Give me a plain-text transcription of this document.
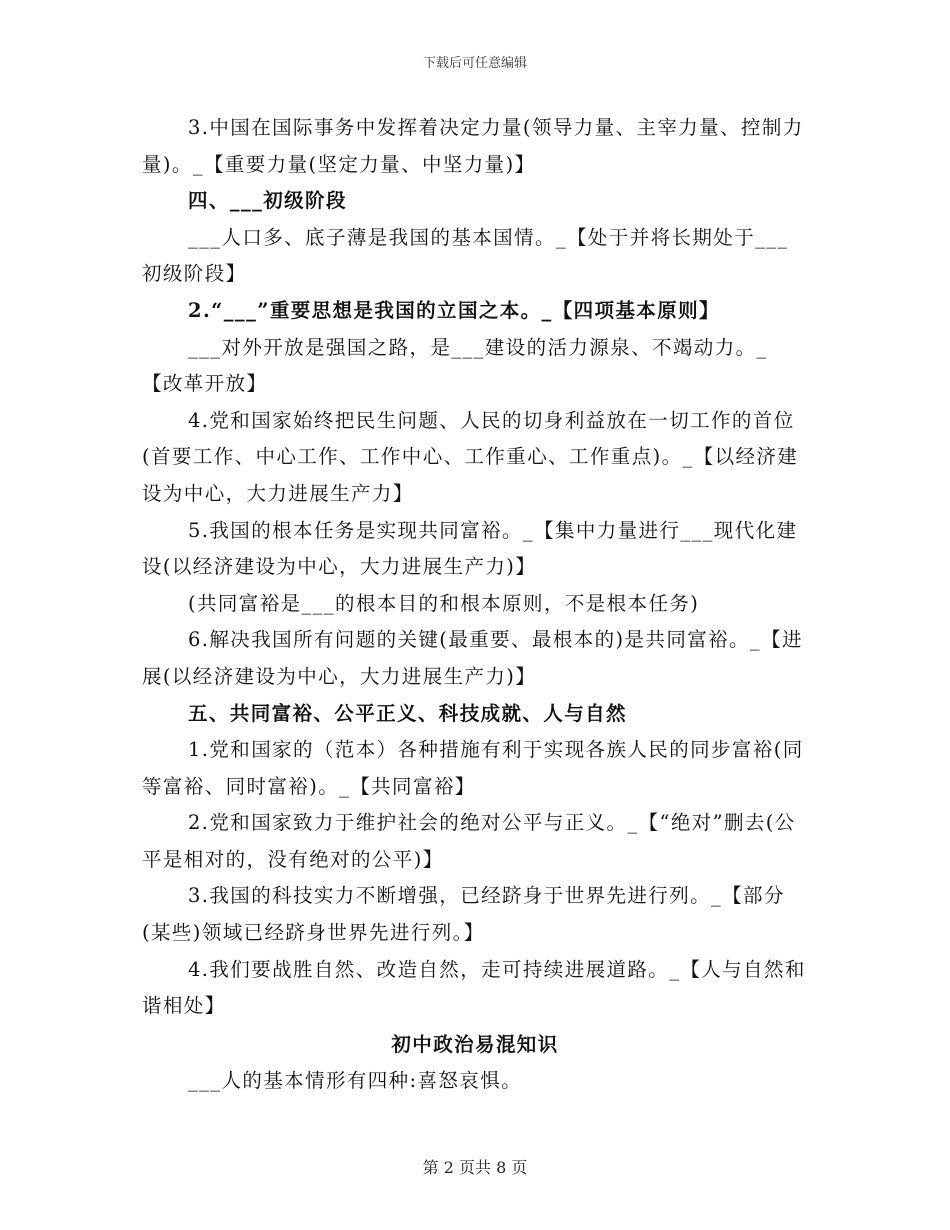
下载后可任意编辑

3.中国在国际事务中发挥着决定力量(领导力量、主宰力量、控制力量)。_【重要力量(坚定力量、中坚力量)】

四、___初级阶段

___人口多、底子薄是我国的基本国情。_【处于并将长期处于___初级阶段】

2.“___”重要思想是我国的立国之本。_【四项基本原则】

___对外开放是强国之路，是___建设的活力源泉、不竭动力。_【改革开放】

4.党和国家始终把民生问题、人民的切身利益放在一切工作的首位(首要工作、中心工作、工作中心、工作重心、工作重点)。_【以经济建设为中心，大力进展生产力】

5.我国的根本任务是实现共同富裕。_【集中力量进行___现代化建设(以经济建设为中心，大力进展生产力)】

(共同富裕是___的根本目的和根本原则，不是根本任务)

6.解决我国所有问题的关键(最重要、最根本的)是共同富裕。_【进展(以经济建设为中心，大力进展生产力)】

五、共同富裕、公平正义、科技成就、人与自然

1.党和国家的（范本）各种措施有利于实现各族人民的同步富裕(同等富裕、同时富裕)。_【共同富裕】

2.党和国家致力于维护社会的绝对公平与正义。_【“绝对”删去(公平是相对的，没有绝对的公平)】

3.我国的科技实力不断增强，已经跻身于世界先进行列。_【部分(某些)领域已经跻身世界先进行列。】

4.我们要战胜自然、改造自然，走可持续进展道路。_【人与自然和谐相处】

初中政治易混知识

___人的基本情形有四种:喜怒哀惧。

第 2 页共 8 页
